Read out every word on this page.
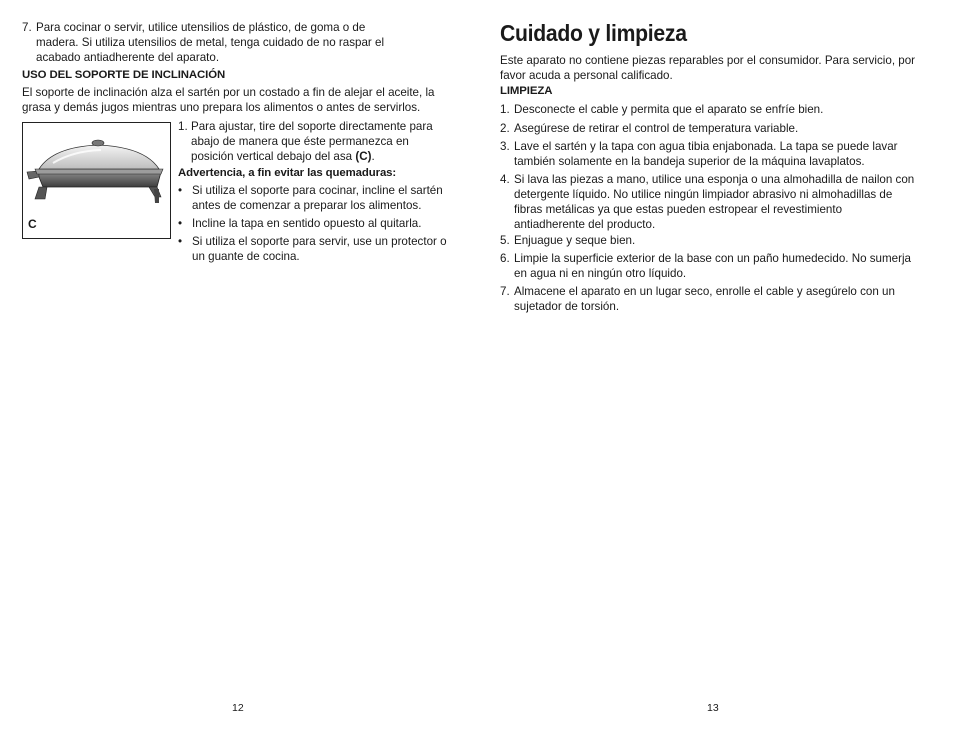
7. Para cocinar o servir, utilice utensilios de plástico, de goma o de madera. Si utiliza utensilios de metal, tenga cuidado de no raspar el acabado antiadherente del aparato.
USO DEL SOPORTE DE INCLINACIÓN
El soporte de inclinación alza el sartén por un costado a fin de alejar el aceite, la grasa y demás jugos mientras uno prepara los alimentos o antes de servirlos.
C
1. Para ajustar, tire del soporte directamente para abajo de manera que éste permanezca en posición vertical debajo del asa (C).
Advertencia, a fin evitar las quemaduras:
• Si utiliza el soporte para cocinar, incline el sartén antes de comenzar a preparar los alimentos.
• Incline la tapa en sentido opuesto al quitarla.
• Si utiliza el soporte para servir, use un protector o un guante de cocina.
12
Cuidado y limpieza
Este aparato no contiene piezas reparables por el consumidor. Para servicio, por favor acuda a personal calificado.
LIMPIEZA
1. Desconecte el cable y permita que el aparato se enfríe bien.
2. Asegúrese de retirar el control de temperatura variable.
3. Lave el sartén y la tapa con agua tibia enjabonada. La tapa se puede lavar también solamente en la bandeja superior de la máquina lavaplatos.
4. Si lava las piezas a mano, utilice una esponja o una almohadilla de nailon con detergente líquido. No utilice ningún limpiador abrasivo ni almohadillas de fibras metálicas ya que estas pueden estropear el revestimiento antiadherente del producto.
5. Enjuague y seque bien.
6. Limpie la superficie exterior de la base con un paño humedecido. No sumerja en agua ni en ningún otro líquido.
7. Almacene el aparato en un lugar seco, enrolle el cable y asegúrelo con un sujetador de torsión.
13
